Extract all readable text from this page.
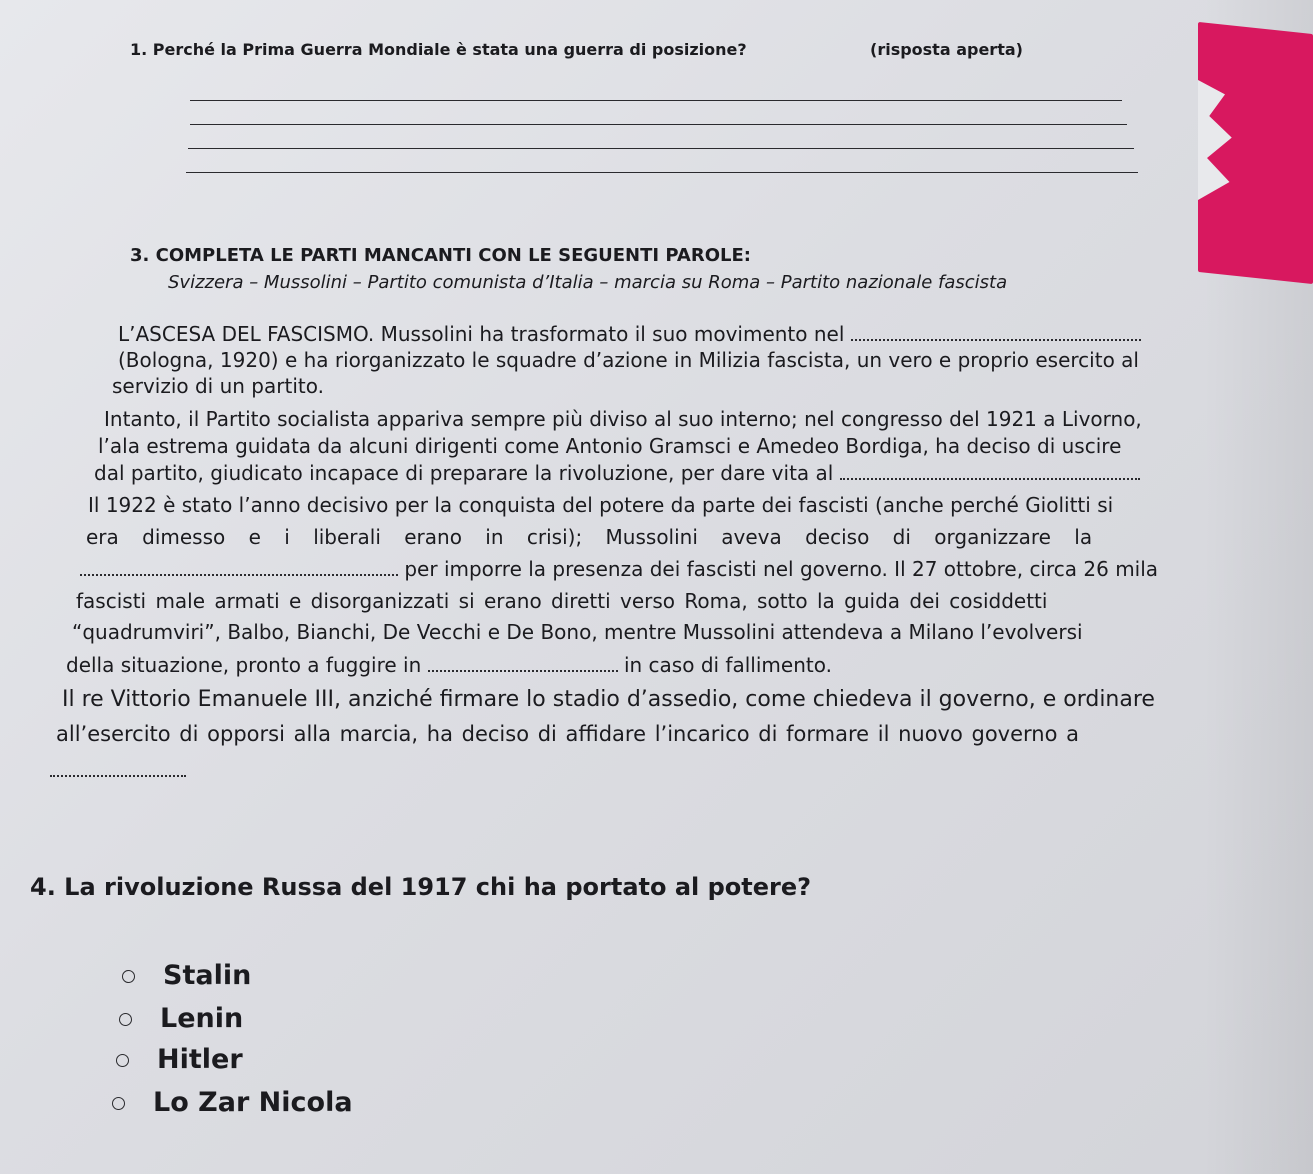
1. Perché la Prima Guerra Mondiale è stata una guerra di posizione?	(risposta aperta)
3. COMPLETA LE PARTI MANCANTI CON LE SEGUENTI PAROLE:
Svizzera – Mussolini – Partito comunista d’Italia – marcia su Roma – Partito nazionale fascista
L’ASCESA DEL FASCISMO. Mussolini ha trasformato il suo movimento nel
(Bologna, 1920) e ha riorganizzato le squadre d’azione in Milizia fascista, un vero e proprio esercito al
servizio di un partito.
Intanto, il Partito socialista appariva sempre più diviso al suo interno; nel congresso del 1921 a Livorno,
l’ala estrema guidata da alcuni dirigenti come Antonio Gramsci e Amedeo Bordiga, ha deciso di uscire
dal partito, giudicato incapace di preparare la rivoluzione, per dare vita al
Il 1922 è stato l’anno decisivo per la conquista del potere da parte dei fascisti (anche perché Giolitti si
era dimesso e i liberali erano in crisi); Mussolini aveva deciso di organizzare la
per imporre la presenza dei fascisti nel governo. Il 27 ottobre, circa 26 mila
fascisti male armati e disorganizzati si erano diretti verso Roma, sotto la guida dei cosiddetti
“quadrumviri”, Balbo, Bianchi, De Vecchi e De Bono, mentre Mussolini attendeva a Milano l’evolversi
della situazione, pronto a fuggire in	in caso di fallimento.
Il re Vittorio Emanuele III, anziché firmare lo stadio d’assedio, come chiedeva il governo, e ordinare
all’esercito di opporsi alla marcia, ha deciso di affidare l’incarico di formare il nuovo governo a
4. La rivoluzione Russa del 1917 chi ha portato al potere?
Stalin
Lenin
Hitler
Lo Zar Nicola
